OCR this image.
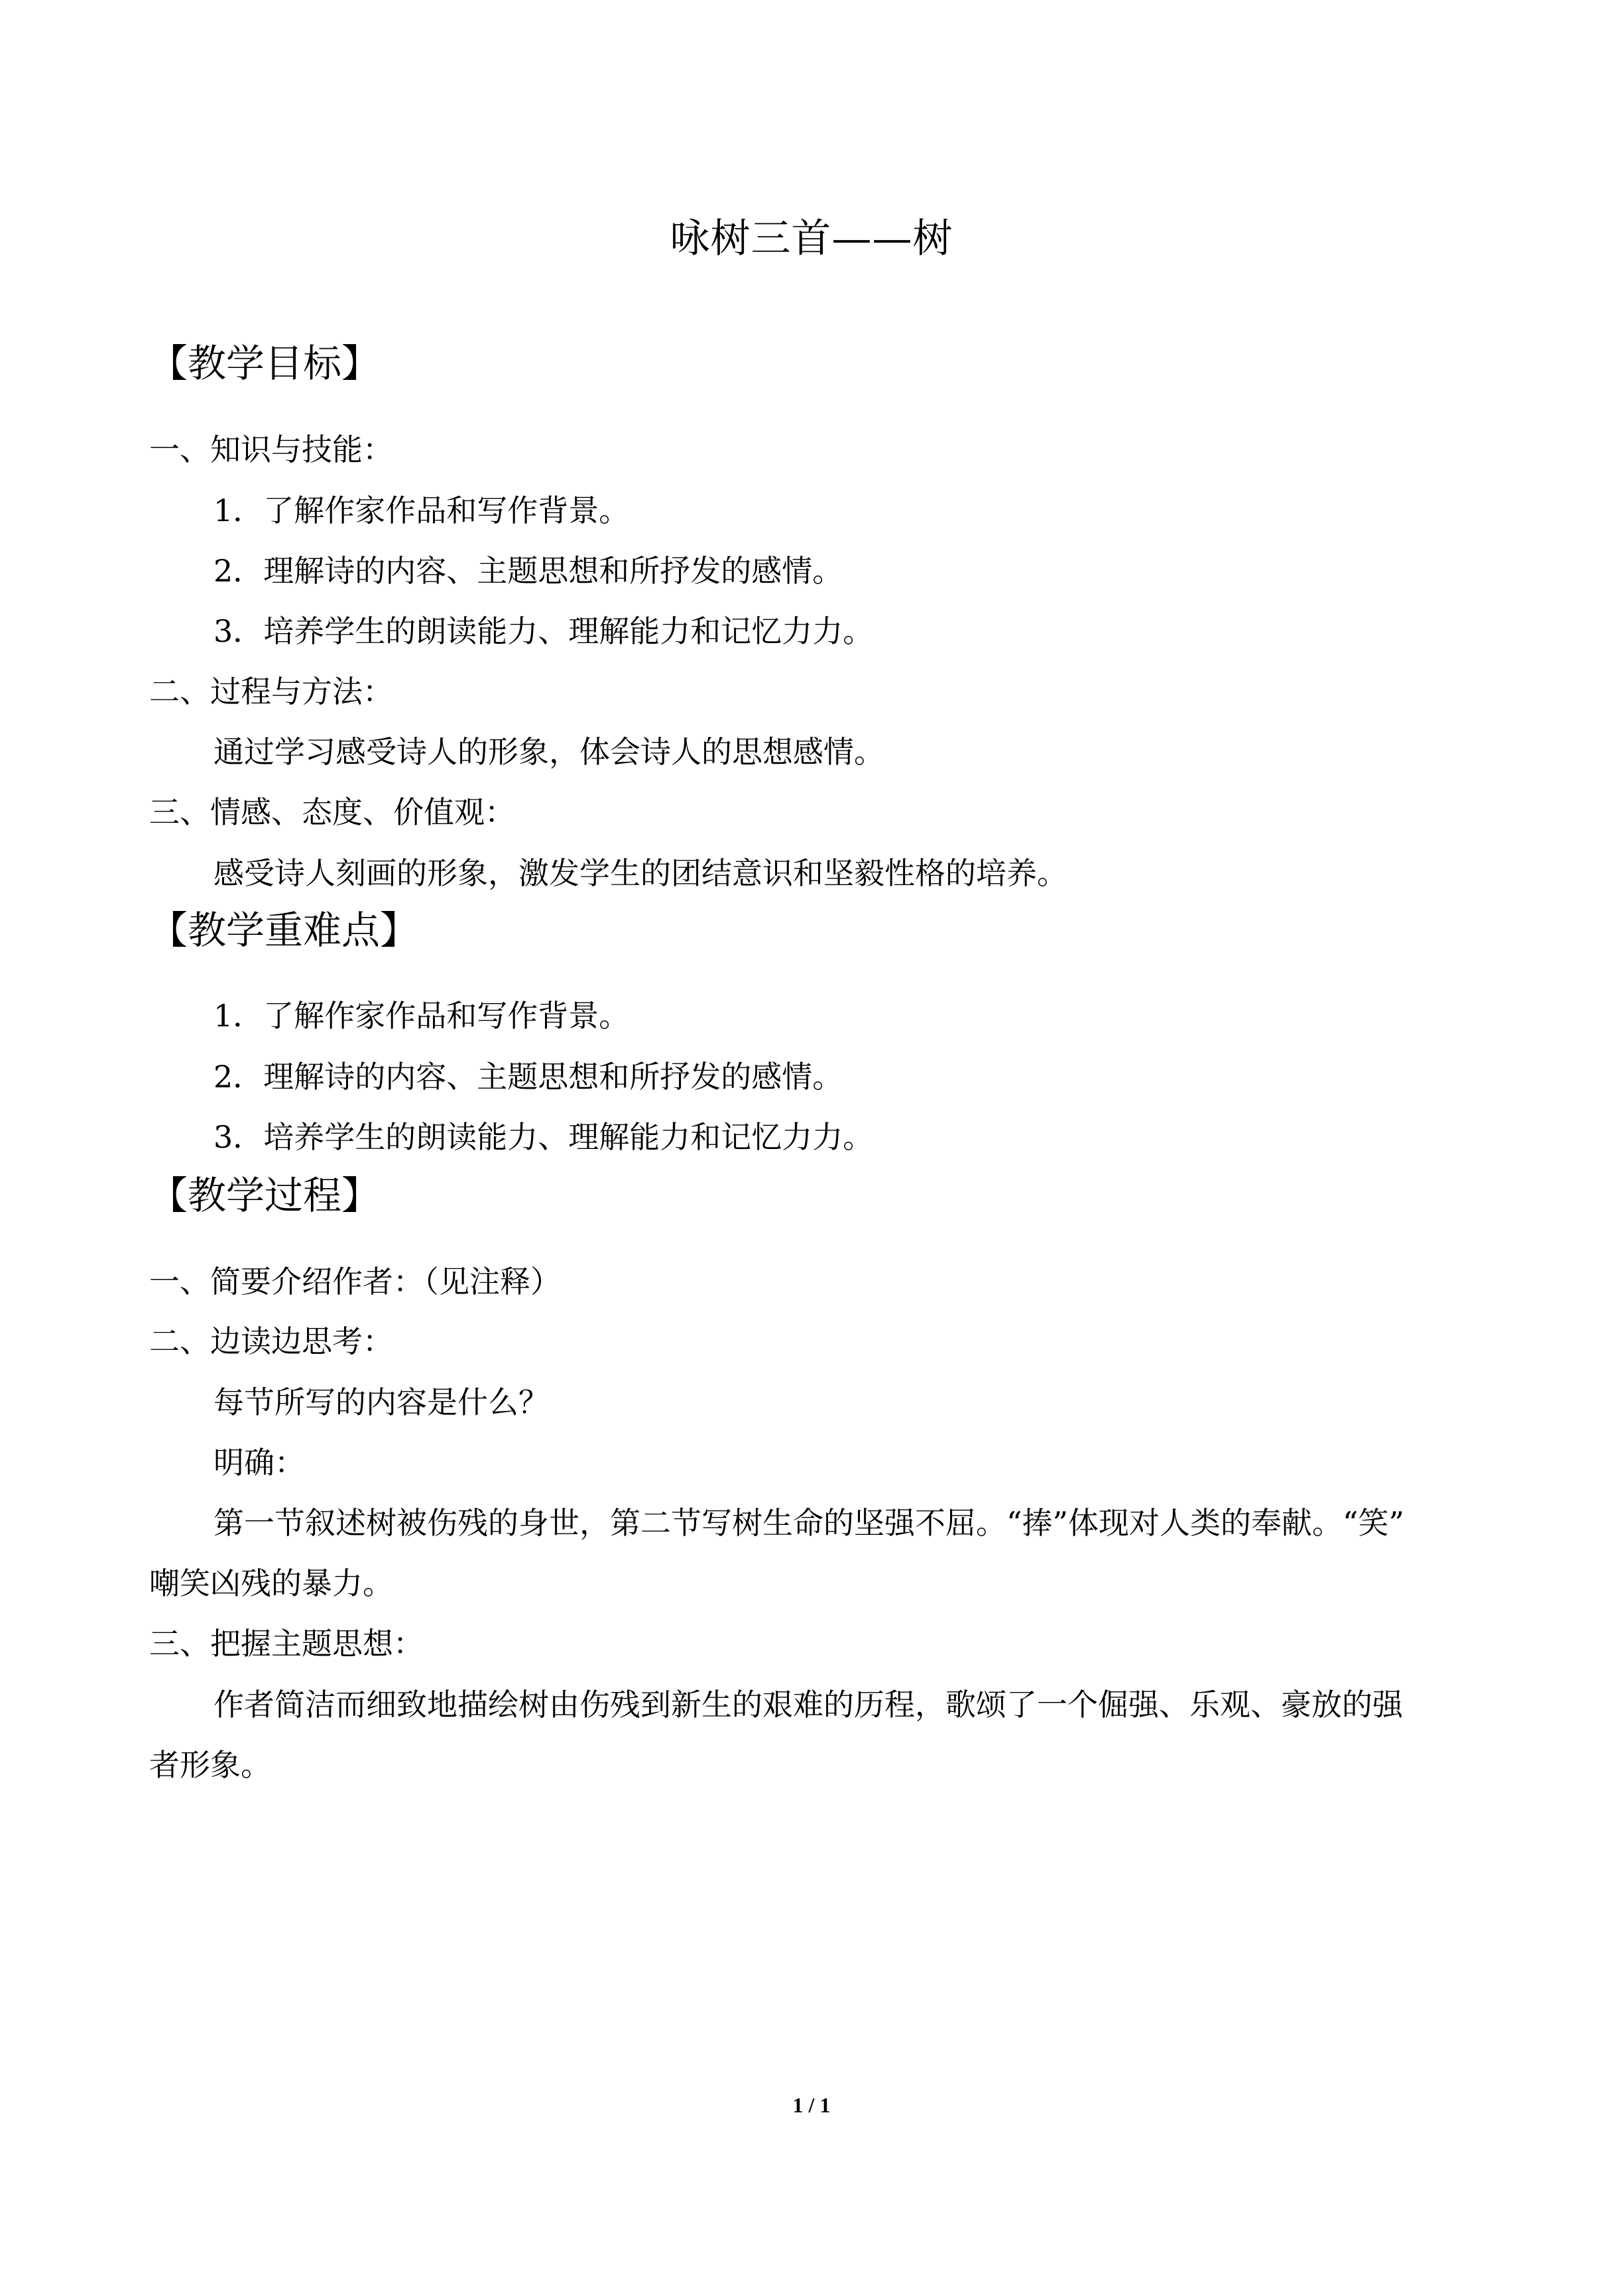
咏树三首——树
【教学目标】
一、知识与技能：
1．了解作家作品和写作背景。
2．理解诗的内容、主题思想和所抒发的感情。
3．培养学生的朗读能力、理解能力和记忆力力。
二、过程与方法：
通过学习感受诗人的形象，体会诗人的思想感情。
三、情感、态度、价值观：
感受诗人刻画的形象，激发学生的团结意识和坚毅性格的培养。
【教学重难点】
1．了解作家作品和写作背景。
2．理解诗的内容、主题思想和所抒发的感情。
3．培养学生的朗读能力、理解能力和记忆力力。
【教学过程】
一、简要介绍作者：（见注释）
二、边读边思考：
每节所写的内容是什么？
明确：
第一节叙述树被伤残的身世，第二节写树生命的坚强不屈。“捧”体现对人类的奉献。“笑”
嘲笑凶残的暴力。
三、把握主题思想：
作者简洁而细致地描绘树由伤残到新生的艰难的历程，歌颂了一个倔强、乐观、豪放的强
者形象。
1 / 1
